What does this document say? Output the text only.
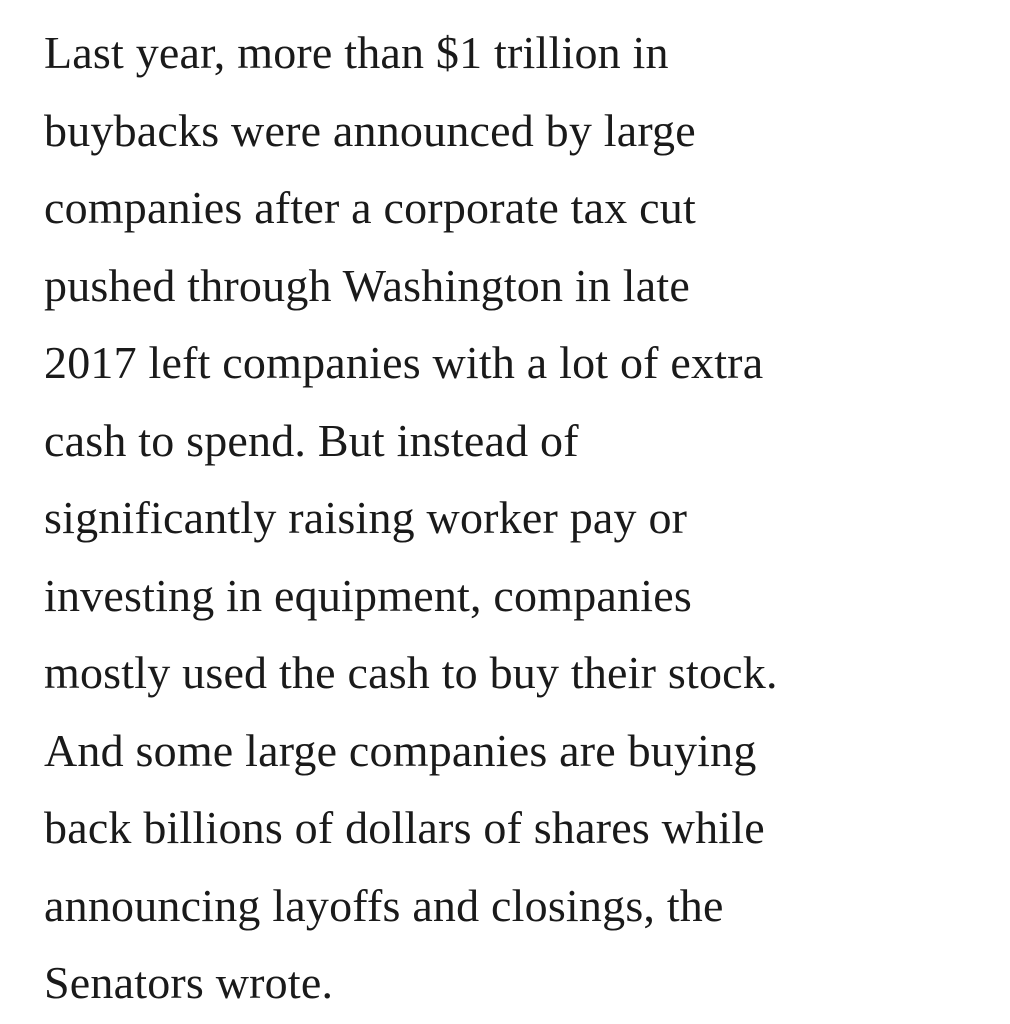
Last year, more than $1 trillion in
buybacks were announced by large
companies after a corporate tax cut
pushed through Washington in late
2017 left companies with a lot of extra
cash to spend. But instead of
significantly raising worker pay or
investing in equipment, companies
mostly used the cash to buy their stock.
And some large companies are buying
back billions of dollars of shares while
announcing layoffs and closings, the
Senators wrote.
